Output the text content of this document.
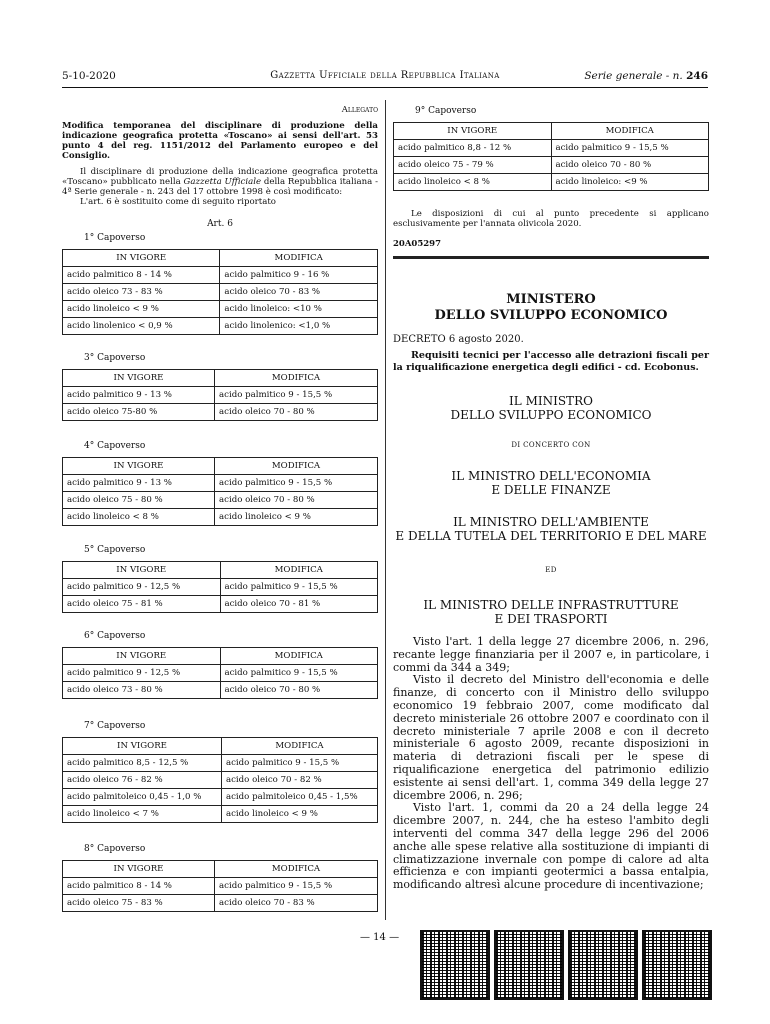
5-10-2020	Gazzetta Ufficiale della Repubblica Italiana	Serie generale - n. 246
Allegato
Modifica temporanea del disciplinare di produzione della indicazione geografica protetta «Toscano» ai sensi dell'art. 53 punto 4 del reg. 1151/2012 del Parlamento europeo e del Consiglio.

Il disciplinare di produzione della indicazione geografica protetta «Toscano» pubblicato nella Gazzetta Ufficiale della Repubblica italiana - 4ª Serie generale - n. 243 del 17 ottobre 1998 è così modificato:

L'art. 6 è sostituito come di seguito riportato

Art. 6
1° Capoverso
IN VIGORE	MODIFICA
acido palmitico 8 - 14 %	acido palmitico 9 - 16 %
acido oleico 73 - 83 %	acido oleico 70 - 83 %
acido linoleico < 9 %	acido linoleico: <10 %
acido linolenico < 0,9 %	acido linolenico: <1,0 %
3° Capoverso
IN VIGORE	MODIFICA
acido palmitico 9 - 13 %	acido palmitico 9 - 15,5 %
acido oleico 75-80 %	acido oleico 70 - 80 %
4° Capoverso
IN VIGORE	MODIFICA
acido palmitico 9 - 13 %	acido palmitico 9 - 15,5 %
acido oleico 75 - 80 %	acido oleico 70 - 80 %
acido linoleico < 8 %	acido linoleico < 9 %
5° Capoverso
IN VIGORE	MODIFICA
acido palmitico 9 - 12,5 %	acido palmitico 9 - 15,5 %
acido oleico 75 - 81 %	acido oleico 70 - 81 %
6° Capoverso
IN VIGORE	MODIFICA
acido palmitico 9 - 12,5 %	acido palmitico 9 - 15,5 %
acido oleico 73 - 80 %	acido oleico 70 - 80 %
7° Capoverso
IN VIGORE	MODIFICA
acido palmitico 8,5 - 12,5 %	acido palmitico 9 - 15,5 %
acido oleico 76 - 82 %	acido oleico 70 - 82 %
acido palmitoleico 0,45 - 1,0 %	acido palmitoleico 0,45 - 1,5%
acido linoleico < 7 %	acido linoleico < 9 %
8° Capoverso
IN VIGORE	MODIFICA
acido palmitico 8 - 14 %	acido palmitico 9 - 15,5 %
acido oleico 75 - 83 %	acido oleico 70 - 83 %
9° Capoverso
IN VIGORE	MODIFICA
acido palmitico 8,8 - 12 %	acido palmitico 9 - 15,5 %
acido oleico 75 - 79 %	acido oleico 70 - 80 %
acido linoleico < 8 %	acido linoleico: <9 %

Le disposizioni di cui al punto precedente si applicano esclusivamente per l'annata olivicola 2020.

20A05297
MINISTERO
DELLO SVILUPPO ECONOMICO
DECRETO 6 agosto 2020.
Requisiti tecnici per l'accesso alle detrazioni fiscali per la riqualificazione energetica degli edifici - cd. Ecobonus.
IL MINISTRO
DELLO SVILUPPO ECONOMICO
DI CONCERTO CON
IL MINISTRO DELL'ECONOMIA
E DELLE FINANZE
IL MINISTRO DELL'AMBIENTE
E DELLA TUTELA DEL TERRITORIO E DEL MARE
ED
IL MINISTRO DELLE INFRASTRUTTURE
E DEI TRASPORTI

Visto l'art. 1 della legge 27 dicembre 2006, n. 296, recante legge finanziaria per il 2007 e, in particolare, i commi da 344 a 349;

Visto il decreto del Ministro dell'economia e delle finanze, di concerto con il Ministro dello sviluppo economico 19 febbraio 2007, come modificato dal decreto ministeriale 26 ottobre 2007 e coordinato con il decreto ministeriale 7 aprile 2008 e con il decreto ministeriale 6 agosto 2009, recante disposizioni in materia di detrazioni fiscali per le spese di riqualificazione energetica del patrimonio edilizio esistente ai sensi dell'art. 1, comma 349 della legge 27 dicembre 2006, n. 296;

Visto l'art. 1, commi da 20 a 24 della legge 24 dicembre 2007, n. 244, che ha esteso l'ambito degli interventi del comma 347 della legge 296 del 2006 anche alle spese relative alla sostituzione di impianti di climatizzazione invernale con pompe di calore ad alta efficienza e con impianti geotermici a bassa entalpia, modificando altresì alcune procedure di incentivazione;

— 14 —
